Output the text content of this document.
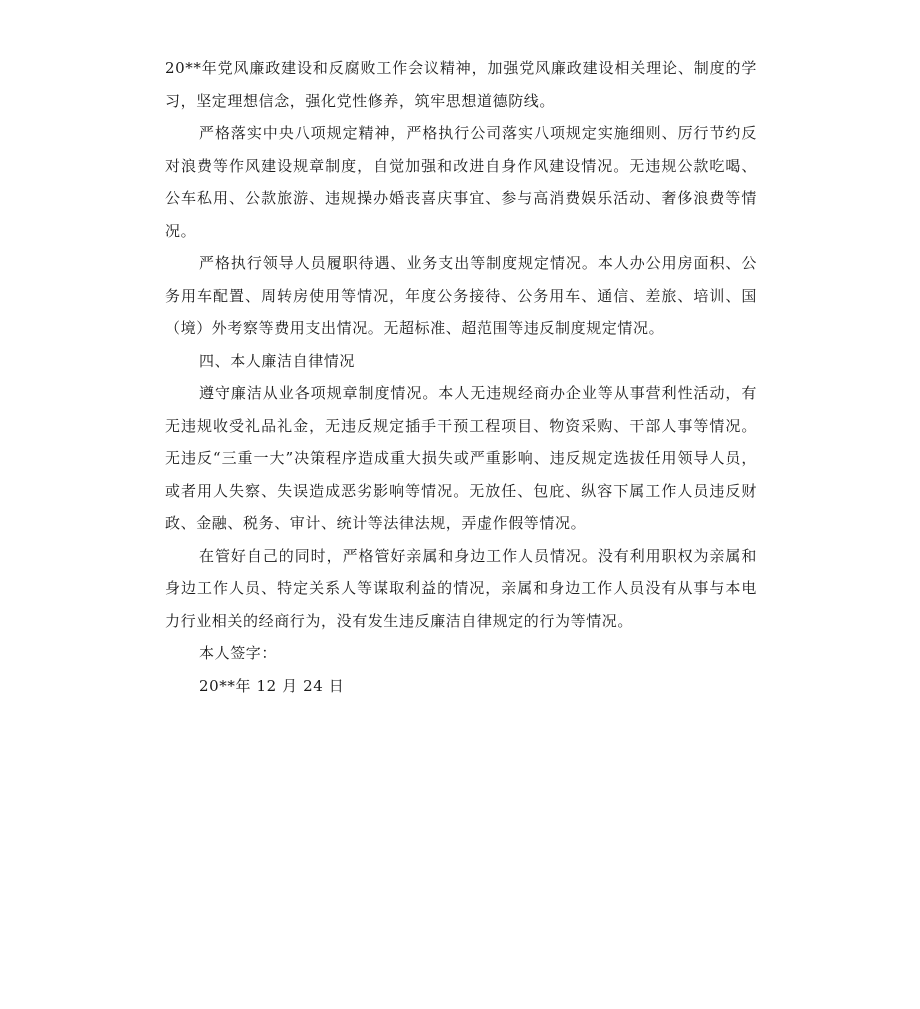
20**年党风廉政建设和反腐败工作会议精神，加强党风廉政建设相关理论、制度的学习，坚定理想信念，强化党性修养，筑牢思想道德防线。

严格落实中央八项规定精神，严格执行公司落实八项规定实施细则、厉行节约反对浪费等作风建设规章制度，自觉加强和改进自身作风建设情况。无违规公款吃喝、公车私用、公款旅游、违规操办婚丧喜庆事宜、参与高消费娱乐活动、奢侈浪费等情况。

严格执行领导人员履职待遇、业务支出等制度规定情况。本人办公用房面积、公务用车配置、周转房使用等情况，年度公务接待、公务用车、通信、差旅、培训、国（境）外考察等费用支出情况。无超标准、超范围等违反制度规定情况。

四、本人廉洁自律情况

遵守廉洁从业各项规章制度情况。本人无违规经商办企业等从事营利性活动，有无违规收受礼品礼金，无违反规定插手干预工程项目、物资采购、干部人事等情况。无违反“三重一大”决策程序造成重大损失或严重影响、违反规定选拔任用领导人员，或者用人失察、失误造成恶劣影响等情况。无放任、包庇、纵容下属工作人员违反财政、金融、税务、审计、统计等法律法规，弄虚作假等情况。

在管好自己的同时，严格管好亲属和身边工作人员情况。没有利用职权为亲属和身边工作人员、特定关系人等谋取利益的情况，亲属和身边工作人员没有从事与本电力行业相关的经商行为，没有发生违反廉洁自律规定的行为等情况。

本人签字：

20**年 12 月 24 日
